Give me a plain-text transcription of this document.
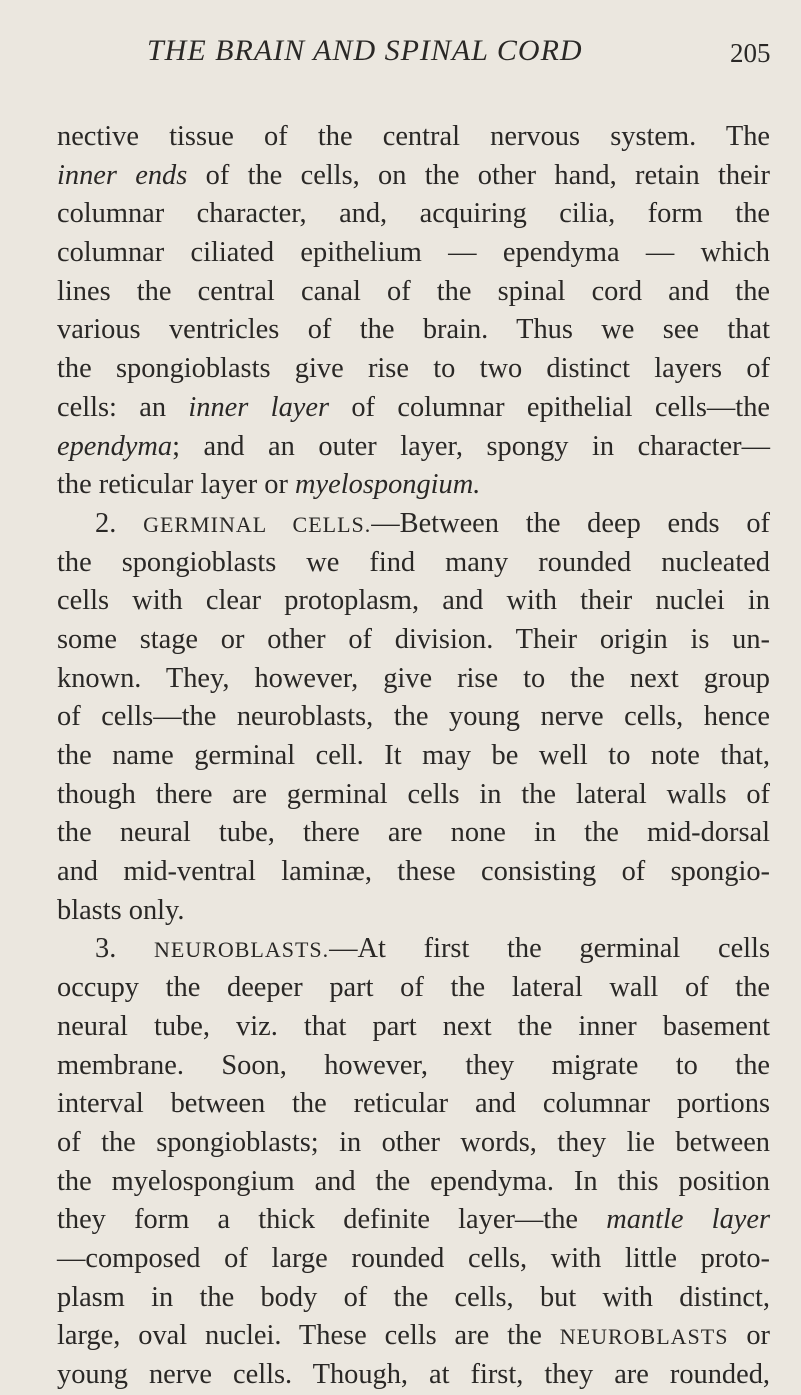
THE BRAIN AND SPINAL CORD	205
nective tissue of the central nervous system. The
inner ends of the cells, on the other hand, retain their
columnar character, and, acquiring cilia, form the
columnar ciliated epithelium — ependyma — which
lines the central canal of the spinal cord and the
various ventricles of the brain. Thus we see that
the spongioblasts give rise to two distinct layers of
cells: an inner layer of columnar epithelial cells—the
ependyma; and an outer layer, spongy in character—
the reticular layer or myelospongium.
2. GERMINAL CELLS.—Between the deep ends of
the spongioblasts we find many rounded nucleated
cells with clear protoplasm, and with their nuclei in
some stage or other of division. Their origin is un-
known. They, however, give rise to the next group
of cells—the neuroblasts, the young nerve cells, hence
the name germinal cell. It may be well to note that,
though there are germinal cells in the lateral walls of
the neural tube, there are none in the mid-dorsal
and mid-ventral laminæ, these consisting of spongio-
blasts only.
3. NEUROBLASTS.—At first the germinal cells
occupy the deeper part of the lateral wall of the
neural tube, viz. that part next the inner basement
membrane. Soon, however, they migrate to the
interval between the reticular and columnar portions
of the spongioblasts; in other words, they lie between
the myelospongium and the ependyma. In this position
they form a thick definite layer—the mantle layer
—composed of large rounded cells, with little proto-
plasm in the body of the cells, but with distinct,
large, oval nuclei. These cells are the NEUROBLASTS or
young nerve cells. Though, at first, they are rounded,
